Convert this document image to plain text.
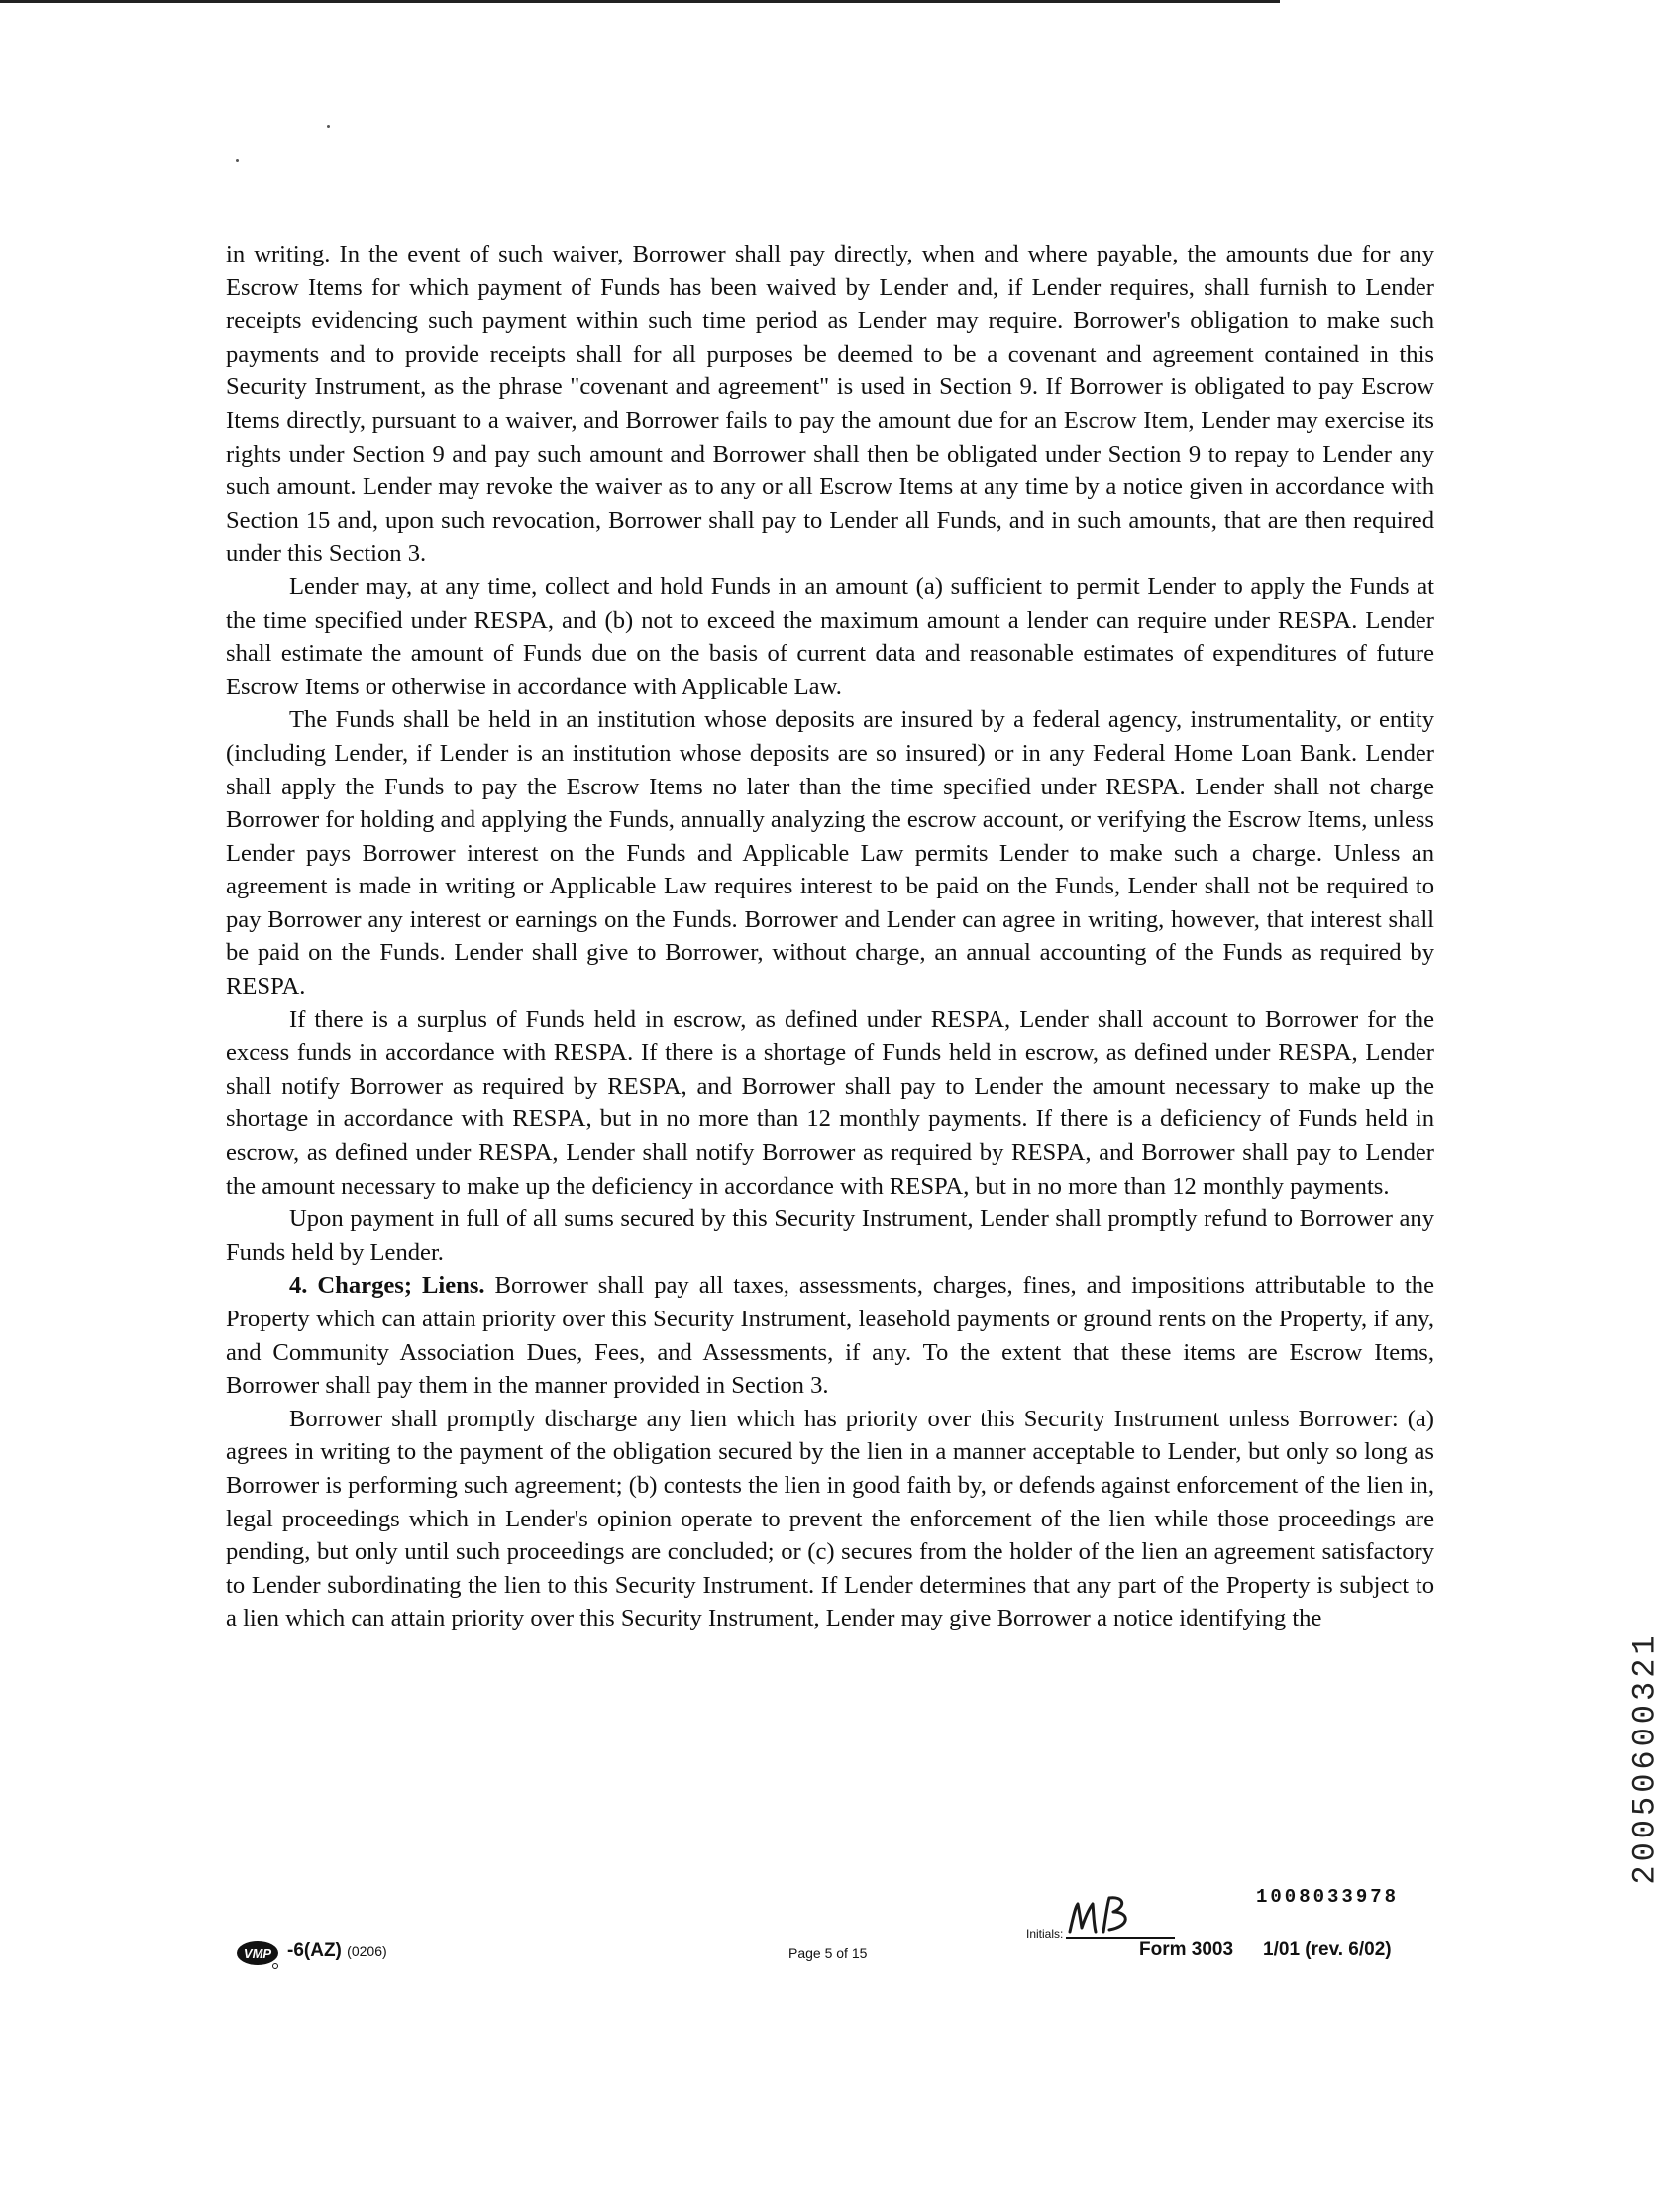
in writing. In the event of such waiver, Borrower shall pay directly, when and where payable, the amounts due for any Escrow Items for which payment of Funds has been waived by Lender and, if Lender requires, shall furnish to Lender receipts evidencing such payment within such time period as Lender may require. Borrower's obligation to make such payments and to provide receipts shall for all purposes be deemed to be a covenant and agreement contained in this Security Instrument, as the phrase "covenant and agreement" is used in Section 9. If Borrower is obligated to pay Escrow Items directly, pursuant to a waiver, and Borrower fails to pay the amount due for an Escrow Item, Lender may exercise its rights under Section 9 and pay such amount and Borrower shall then be obligated under Section 9 to repay to Lender any such amount. Lender may revoke the waiver as to any or all Escrow Items at any time by a notice given in accordance with Section 15 and, upon such revocation, Borrower shall pay to Lender all Funds, and in such amounts, that are then required under this Section 3.

Lender may, at any time, collect and hold Funds in an amount (a) sufficient to permit Lender to apply the Funds at the time specified under RESPA, and (b) not to exceed the maximum amount a lender can require under RESPA. Lender shall estimate the amount of Funds due on the basis of current data and reasonable estimates of expenditures of future Escrow Items or otherwise in accordance with Applicable Law.

The Funds shall be held in an institution whose deposits are insured by a federal agency, instrumentality, or entity (including Lender, if Lender is an institution whose deposits are so insured) or in any Federal Home Loan Bank. Lender shall apply the Funds to pay the Escrow Items no later than the time specified under RESPA. Lender shall not charge Borrower for holding and applying the Funds, annually analyzing the escrow account, or verifying the Escrow Items, unless Lender pays Borrower interest on the Funds and Applicable Law permits Lender to make such a charge. Unless an agreement is made in writing or Applicable Law requires interest to be paid on the Funds, Lender shall not be required to pay Borrower any interest or earnings on the Funds. Borrower and Lender can agree in writing, however, that interest shall be paid on the Funds. Lender shall give to Borrower, without charge, an annual accounting of the Funds as required by RESPA.

If there is a surplus of Funds held in escrow, as defined under RESPA, Lender shall account to Borrower for the excess funds in accordance with RESPA. If there is a shortage of Funds held in escrow, as defined under RESPA, Lender shall notify Borrower as required by RESPA, and Borrower shall pay to Lender the amount necessary to make up the shortage in accordance with RESPA, but in no more than 12 monthly payments. If there is a deficiency of Funds held in escrow, as defined under RESPA, Lender shall notify Borrower as required by RESPA, and Borrower shall pay to Lender the amount necessary to make up the deficiency in accordance with RESPA, but in no more than 12 monthly payments.

Upon payment in full of all sums secured by this Security Instrument, Lender shall promptly refund to Borrower any Funds held by Lender.

4. Charges; Liens. Borrower shall pay all taxes, assessments, charges, fines, and impositions attributable to the Property which can attain priority over this Security Instrument, leasehold payments or ground rents on the Property, if any, and Community Association Dues, Fees, and Assessments, if any. To the extent that these items are Escrow Items, Borrower shall pay them in the manner provided in Section 3.

Borrower shall promptly discharge any lien which has priority over this Security Instrument unless Borrower: (a) agrees in writing to the payment of the obligation secured by the lien in a manner acceptable to Lender, but only so long as Borrower is performing such agreement; (b) contests the lien in good faith by, or defends against enforcement of the lien in, legal proceedings which in Lender's opinion operate to prevent the enforcement of the lien while those proceedings are pending, but only until such proceedings are concluded; or (c) secures from the holder of the lien an agreement satisfactory to Lender subordinating the lien to this Security Instrument. If Lender determines that any part of the Property is subject to a lien which can attain priority over this Security Instrument, Lender may give Borrower a notice identifying the

20050600321
VMP -6(AZ) (0206)	Page 5 of 15
1008033978
Initials:
Form 3003 1/01 (rev. 6/02)
